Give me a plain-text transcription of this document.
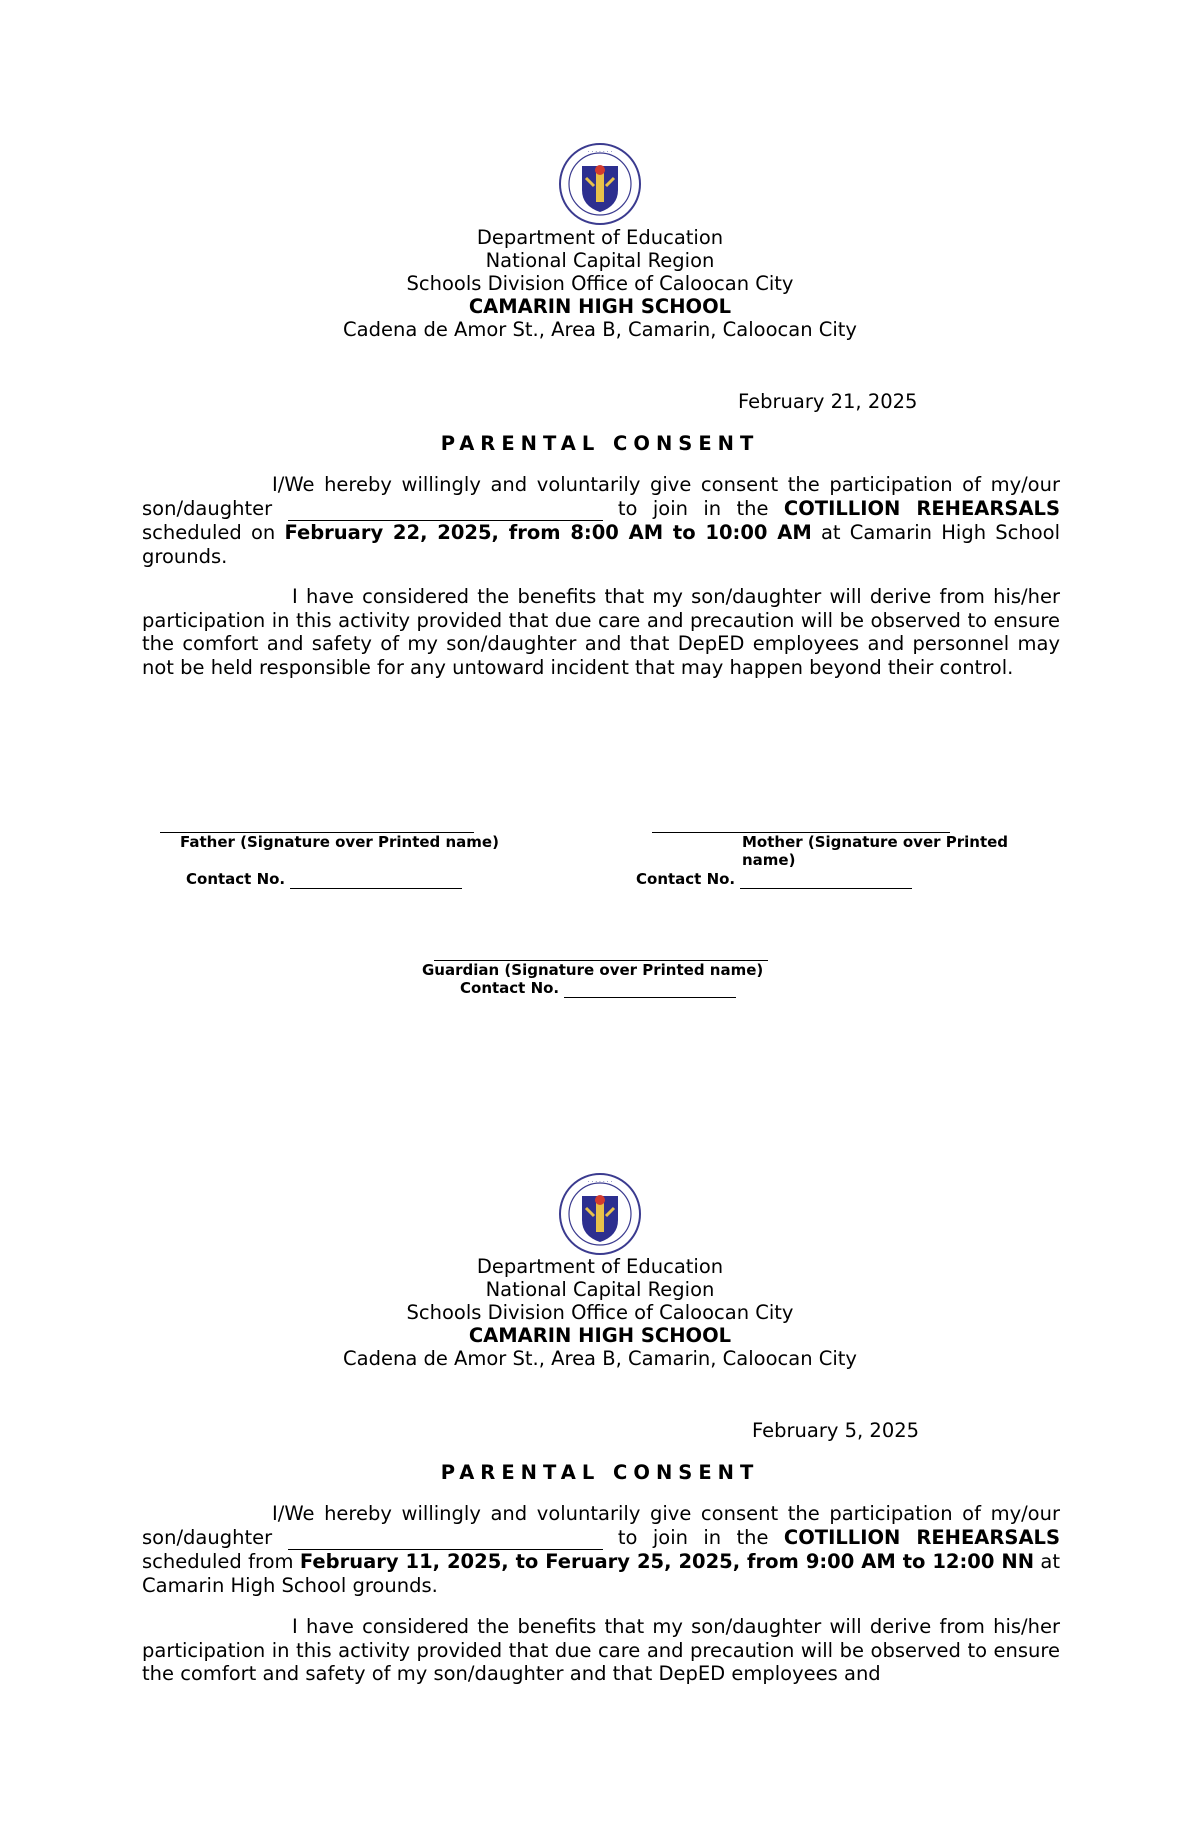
· · · · · · ·
Department of Education
National Capital Region
Schools Division Office of Caloocan City
CAMARIN HIGH SCHOOL
Cadena de Amor St., Area B, Camarin, Caloocan City
February 21, 2025
PARENTAL CONSENT
I/We hereby willingly and voluntarily give consent the participation of my/our son/daughter	to join in the COTILLION REHEARSALS scheduled on February 22, 2025, from 8:00 AM to 10:00 AM at Camarin High School grounds.
I have considered the benefits that my son/daughter will derive from his/her participation in this activity provided that due care and precaution will be observed to ensure the comfort and safety of my son/daughter and that DepED employees and personnel may not be held responsible for any untoward incident that may happen beyond their control.
Father (Signature over Printed name)	Mother (Signature over Printed name)
Contact No.	Contact No.
Guardian (Signature over Printed name)
Contact No.
· · · · · · ·
Department of Education
National Capital Region
Schools Division Office of Caloocan City
CAMARIN HIGH SCHOOL
Cadena de Amor St., Area B, Camarin, Caloocan City
February 5, 2025
PARENTAL CONSENT
I/We hereby willingly and voluntarily give consent the participation of my/our son/daughter	to join in the COTILLION REHEARSALS scheduled from February 11, 2025, to Feruary 25, 2025, from 9:00 AM to 12:00 NN at Camarin High School grounds.
I have considered the benefits that my son/daughter will derive from his/her participation in this activity provided that due care and precaution will be observed to ensure the comfort and safety of my son/daughter and that DepED employees and
